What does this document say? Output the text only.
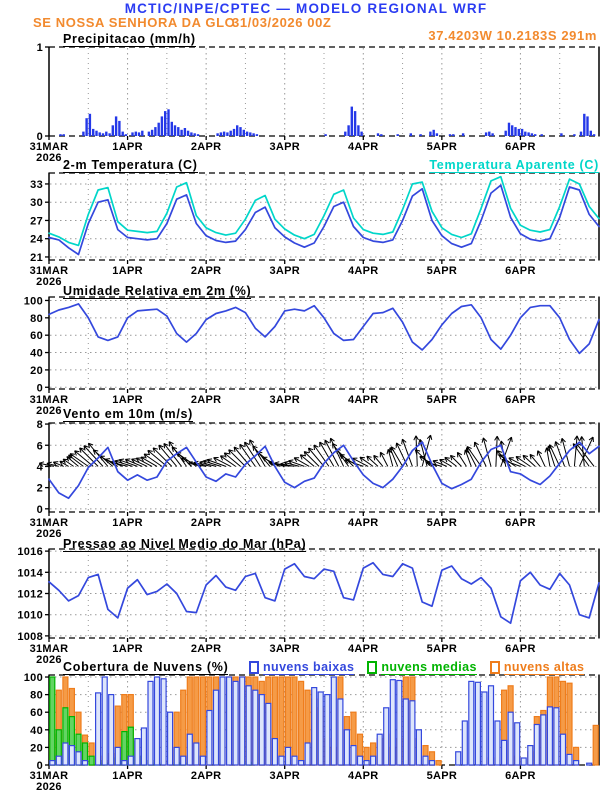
MCTIC/INPE/CPTEC — MODELO REGIONAL WRF
SE NOSSA SENHORA DA GLO
31/03/2026 00Z
37.4203W 10.2183S 291m
0
1
31MAR
2026
1APR	2APR	3APR	4APR	5APR	6APR
21
24
27
30
33
31MAR
2026
1APR	2APR	3APR	4APR	5APR	6APR
0
20
40
60
80
100
31MAR
2026
1APR	2APR	3APR	4APR	5APR	6APR
0
2
4
6
8
31MAR
2026
1APR	2APR	3APR	4APR	5APR	6APR
1008
1010
1012
1014
1016
31MAR
2026
1APR	2APR	3APR	4APR	5APR	6APR
0
20
40
60
80
100
31MAR
2026
1APR	2APR	3APR	4APR	5APR	6APR
Precipitacao (mm/h)
2-m Temperatura (C)	Temperatura Aparente (C)
Umidade Relativa em 2m (%)
Vento em 10m (m/s)
Pressao ao Nivel Medio do Mar (hPa)
Cobertura de Nuvens (%)	nuvens baixas nuvens medias nuvens altas
